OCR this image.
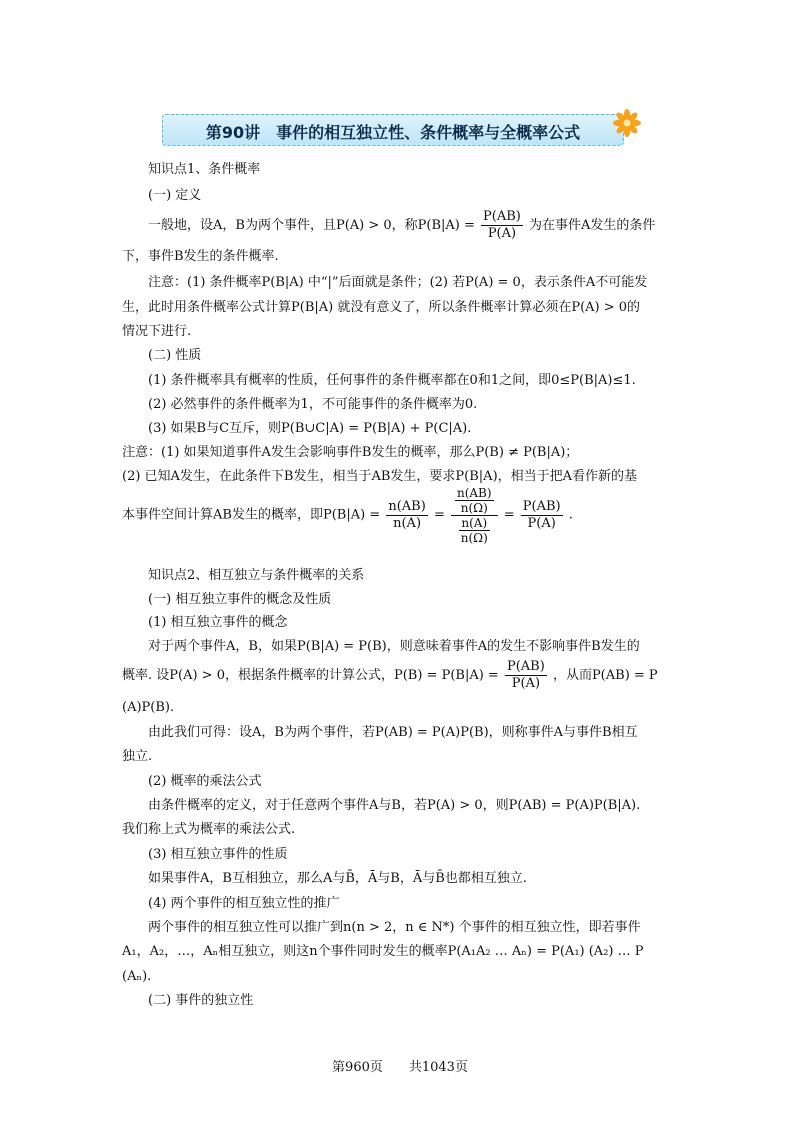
第90讲　事件的相互独立性、条件概率与全概率公式
知识点1、条件概率
(一) 定义
一般地，设A，B为两个事件，且P(A) > 0，称$P(B|A) = \frac{P(AB)}{P(A)}$ 为在事件A发生的条件
下，事件B发生的条件概率.
注意：(1) 条件概率P(B|A) 中“|”后面就是条件；(2) 若P(A) = 0，表示条件A不可能发
生，此时用条件概率公式计算P(B|A) 就没有意义了，所以条件概率计算必须在P(A) > 0的
情况下进行.
(二) 性质
(1) 条件概率具有概率的性质，任何事件的条件概率都在0和1之间，即0≤P(B|A)≤1.
(2) 必然事件的条件概率为1，不可能事件的条件概率为0.
(3) 如果B与C互斥，则P(B∪C|A) = P(B|A) + P(C|A).
注意：(1) 如果知道事件A发生会影响事件B发生的概率，那么P(B) ≠ P(B|A)；
(2) 已知A发生，在此条件下B发生，相当于AB发生，要求P(B|A)，相当于把A看作新的基
本事件空间计算AB发生的概率，即$P(B|A) = \frac{n(AB)}{n(A)} = \frac{\frac{n(AB)}{n(\Omega)}}{\frac{n(A)}{n(\Omega)}} = \frac{P(AB)}{P(A)}$ .
知识点2、相互独立与条件概率的关系
(一) 相互独立事件的概念及性质
(1) 相互独立事件的概念
对于两个事件A，B，如果P(B|A) = P(B)，则意味着事件A的发生不影响事件B发生的
概率. 设P(A) > 0，根据条件概率的计算公式，$P(B) = P(B|A) = \frac{P(AB)}{P(A)}$ ，从而P(AB) = P
(A)P(B).
由此我们可得：设A，B为两个事件，若P(AB) = P(A)P(B)，则称事件A与事件B相互
独立.
(2) 概率的乘法公式
由条件概率的定义，对于任意两个事件A与B，若P(A) > 0，则P(AB) = P(A)P(B|A).
我们称上式为概率的乘法公式.
(3) 相互独立事件的性质
如果事件A，B互相独立，那么A与B̄，Ā与B，Ā与B̄也都相互独立.
(4) 两个事件的相互独立性的推广
两个事件的相互独立性可以推广到n(n > 2，n ∈ N*) 个事件的相互独立性，即若事件
A₁，A₂，…，Aₙ相互独立，则这n个事件同时发生的概率P(A₁A₂ … Aₙ) = P(A₁) (A₂) … P
(Aₙ).
(二) 事件的独立性
第960页　　共1043页
